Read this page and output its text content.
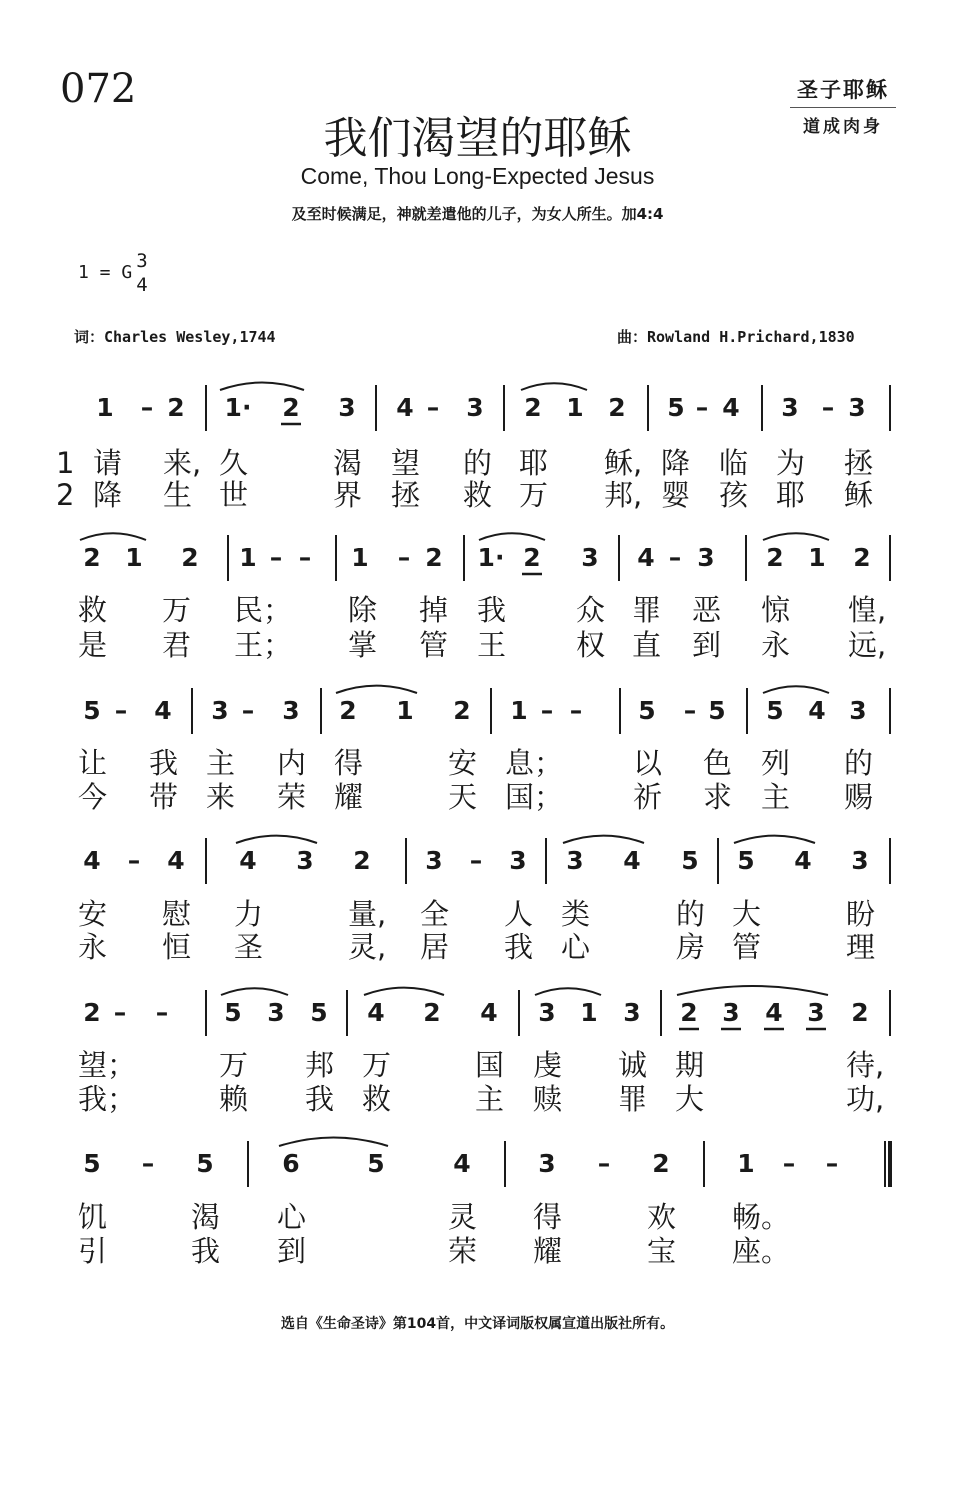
072	圣子耶稣
道成肉身
我们渴望的耶稣
Come, Thou Long-Expected Jesus
及至时候满足，神就差遣他的儿子，为女人所生。加4:4
1 = G
3
4
词：Charles Wesley,1744	曲：Rowland H.Prichard,1830
1 – 2 1· 2 3 4 – 3 2 1 2 5 – 4 3 – 3
1 请 来, 久	渴 望 的 耶 稣, 降 临 为 拯
2 降 生 世	界 拯 救 万 邦, 婴 孩 耶 稣
2 1 2 1 – – 1 – 2 1· 2 3 4 – 3 2 1 2
救 万 民； 除 掉 我 众 罪 恶 惊 惶,
是 君 王； 掌 管 王 权 直 到 永 远,
5 – 4 3 – 3 2 1 2 1 – – 5 – 5 5 4 3
让 我 主 内 得	安 息； 以 色 列 的
今 带 来 荣 耀	天 国； 祈 求 主 赐
4 – 4 4 3 2 3 – 3 3 4 5 5 4 3
安 慰 力	量, 全 人 类	的 大	盼
永 恒 圣	灵, 居 我 心	房 管	理
2 – – 5 3 5 4 2 4 3 1 3 2 3 4 3 2
望；	万 邦 万	国 虔 诚 期	待,
我；	赖 我 救	主 赎 罪 大	功,
5 – 5	6	5	4	3 – 2	1 – –
饥	渴 心	灵 得	欢 畅。
引	我 到	荣 耀	宝 座。
选自《生命圣诗》第104首，中文译词版权属宣道出版社所有。
